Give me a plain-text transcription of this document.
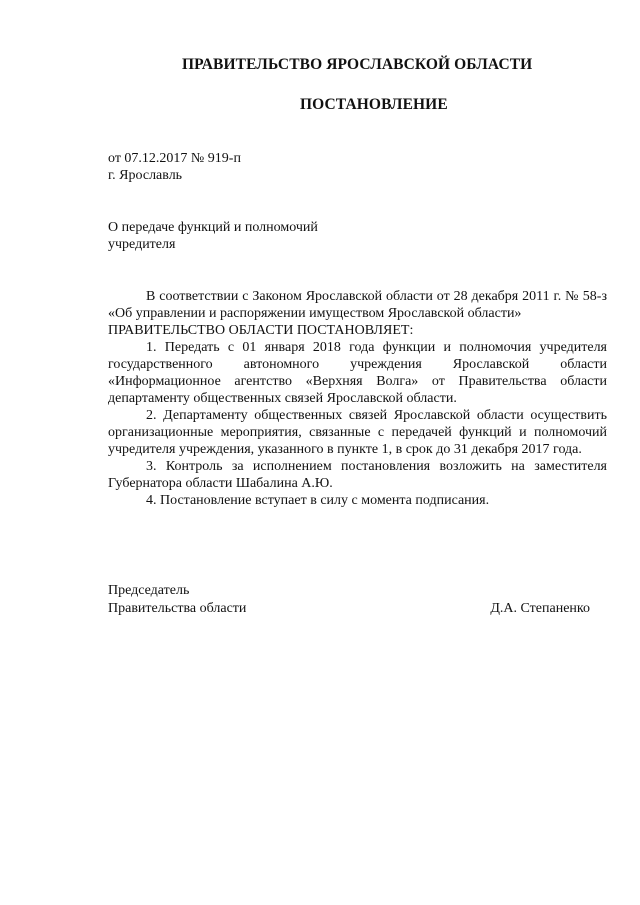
ПРАВИТЕЛЬСТВО ЯРОСЛАВСКОЙ ОБЛАСТИ
ПОСТАНОВЛЕНИЕ
от 07.12.2017 № 919-п
г. Ярославль
О передаче функций и полномочий
учредителя

В соответствии с Законом Ярославской области от 28 декабря 2011 г. № 58-з «Об управлении и распоряжении имуществом Ярославской области»

ПРАВИТЕЛЬСТВО ОБЛАСТИ ПОСТАНОВЛЯЕТ:

1. Передать с 01 января 2018 года функции и полномочия учредителя государственного автономного учреждения Ярославской области «Информационное агентство «Верхняя Волга» от Правительства области департаменту общественных связей Ярославской области.

2. Департаменту общественных связей Ярославской области осуществить организационные мероприятия, связанные с передачей функций и полномочий учредителя учреждения, указанного в пункте 1, в срок до 31 декабря 2017 года.

3. Контроль за исполнением постановления возложить на заместителя Губернатора области Шабалина А.Ю.

4. Постановление вступает в силу с момента подписания.

Председатель
Правительства области	Д.А. Степаненко
